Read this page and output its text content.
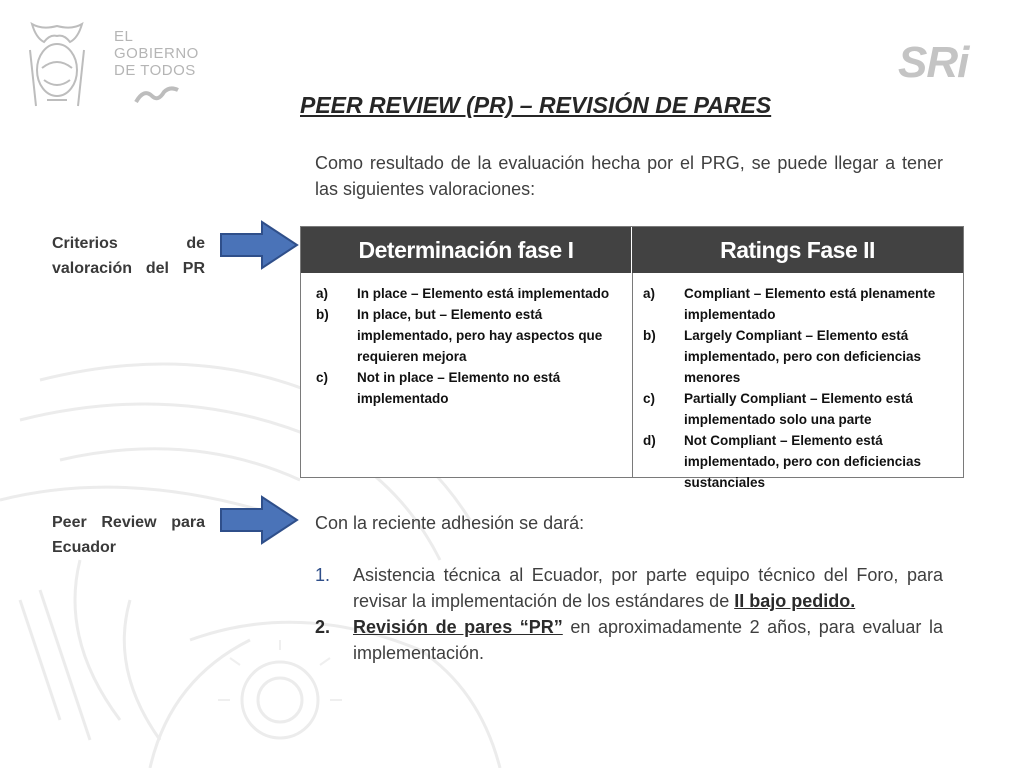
EL
GOBIERNO
DE TODOS	SRi
PEER REVIEW (PR) – REVISIÓN DE PARES
Como resultado de la evaluación hecha por el PRG, se puede llegar a tener las siguientes valoraciones:
Criterios	de
valoración del PR
Determinación fase I	Ratings Fase II
a)	In place – Elemento está implementado
b)	In place, but – Elemento está implementado, pero hay aspectos que requieren mejora
c)	Not in place – Elemento no está implementado
a)	Compliant – Elemento está plenamente implementado
b)	Largely Compliant – Elemento está implementado, pero con deficiencias menores
c)	Partially Compliant – Elemento está implementado solo una parte
d)	Not Compliant – Elemento está implementado, pero con deficiencias sustanciales
Peer Review para
Ecuador
Con la reciente adhesión se dará:
1.	Asistencia técnica al Ecuador, por parte equipo técnico del Foro, para revisar la implementación de los estándares de II bajo pedido.
2.	Revisión de pares “PR” en aproximadamente 2 años, para evaluar la implementación.
